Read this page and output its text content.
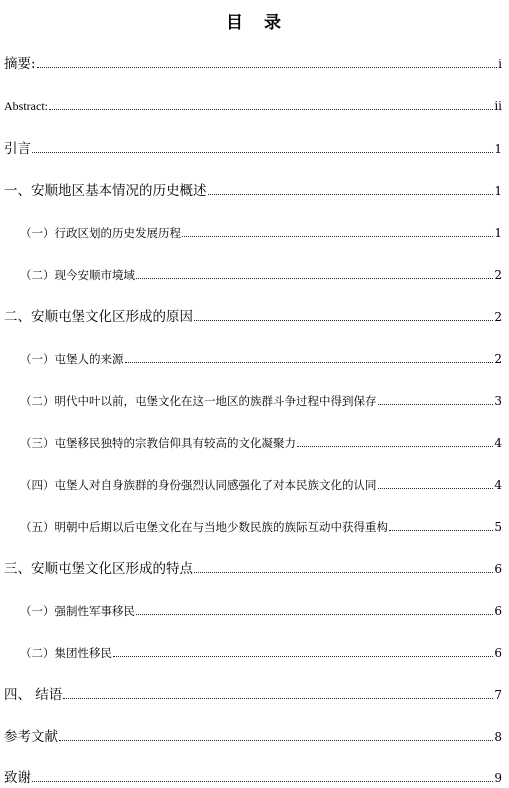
目　录
摘要:	i
Abstract:	ii
引言	1
一、安顺地区基本情况的历史概述	1
（一）行政区划的历史发展历程	1
（二）现今安顺市境域	2
二、安顺屯堡文化区形成的原因	2
（一）屯堡人的来源	2
（二）明代中叶以前，屯堡文化在这一地区的族群斗争过程中得到保存	3
（三）屯堡移民独特的宗教信仰具有较高的文化凝聚力	4
（四）屯堡人对自身族群的身份强烈认同感强化了对本民族文化的认同	4
（五）明朝中后期以后屯堡文化在与当地少数民族的族际互动中获得重构	5
三、安顺屯堡文化区形成的特点	6
（一）强制性军事移民	6
（二）集团性移民	6
四、 结语	7
参考文献	8
致谢	9
